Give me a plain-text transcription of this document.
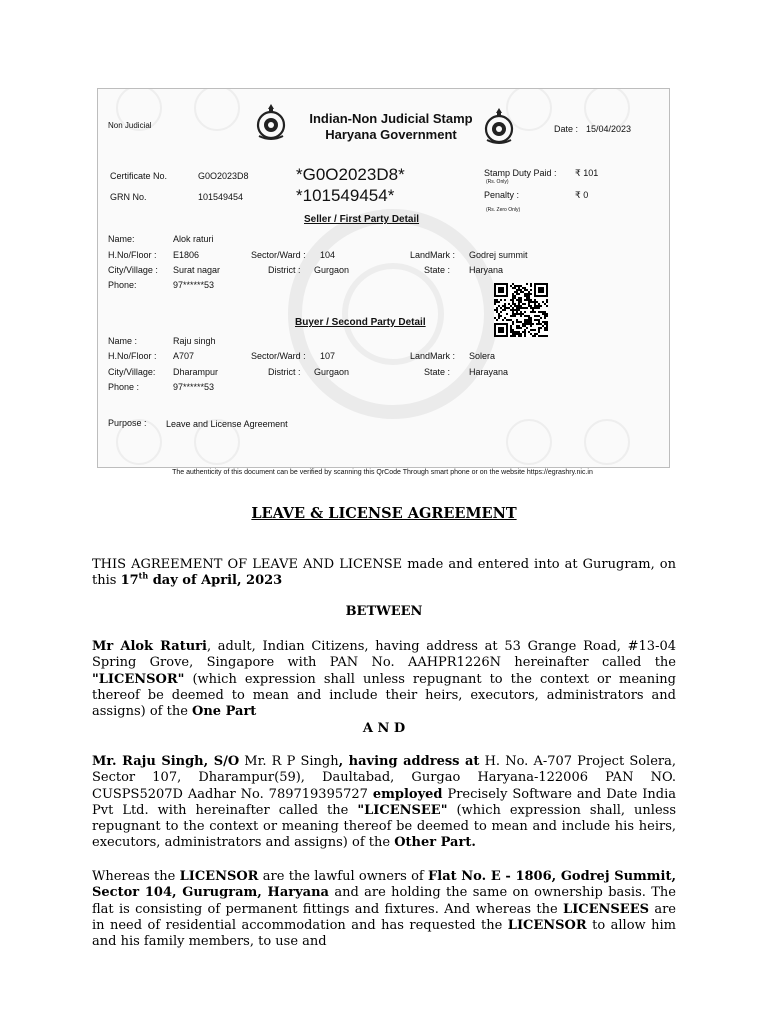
Non Judicial	Indian-Non Judicial Stamp
Haryana Government	Date : 15/04/2023
Certificate No.	G0O2023D8	*G0O2023D8*
GRN No.	101549454	*101549454*
Stamp Duty Paid : ₹ 101
(Rs. Only)
Penalty :	₹ 0
(Rs. Zero Only)
Seller / First Party Detail
Name:	Alok raturi
H.No/Floor : E1806	Sector/Ward : 104	LandMark : Godrej summit
City/Village : Surat nagar	District : Gurgaon	State : Haryana
Phone:	97******53
Buyer / Second Party Detail
Name :	Raju singh
H.No/Floor : A707	Sector/Ward : 107	LandMark : Solera
City/Village: Dharampur	District : Gurgaon	State : Harayana
Phone :	97******53
Purpose : Leave and License Agreement
The authenticity of this document can be verified by scanning this QrCode Through smart phone or on the website https://egrashry.nic.in
LEAVE & LICENSE AGREEMENT
THIS AGREEMENT OF LEAVE AND LICENSE made and entered into at Gurugram, on this 17th day of April, 2023
BETWEEN
Mr Alok Raturi, adult, Indian Citizens, having address at 53 Grange Road, #13-04 Spring Grove, Singapore with PAN No. AAHPR1226N hereinafter called the "LICENSOR" (which expression shall unless repugnant to the context or meaning thereof be deemed to mean and include their heirs, executors, administrators and assigns) of the One Part
A N D
Mr. Raju Singh, S/O Mr. R P Singh, having address at H. No. A-707 Project Solera, Sector 107, Dharampur(59), Daultabad, Gurgao Haryana-122006 PAN NO. CUSPS5207D Aadhar No. 789719395727 employed Precisely Software and Date India Pvt Ltd. with hereinafter called the "LICENSEE" (which expression shall, unless repugnant to the context or meaning thereof be deemed to mean and include his heirs, executors, administrators and assigns) of the Other Part.
Whereas the LICENSOR are the lawful owners of Flat No. E - 1806, Godrej Summit, Sector 104, Gurugram, Haryana and are holding the same on ownership basis. The flat is consisting of permanent fittings and fixtures. And whereas the LICENSEES are in need of residential accommodation and has requested the LICENSOR to allow him and his family members, to use and
